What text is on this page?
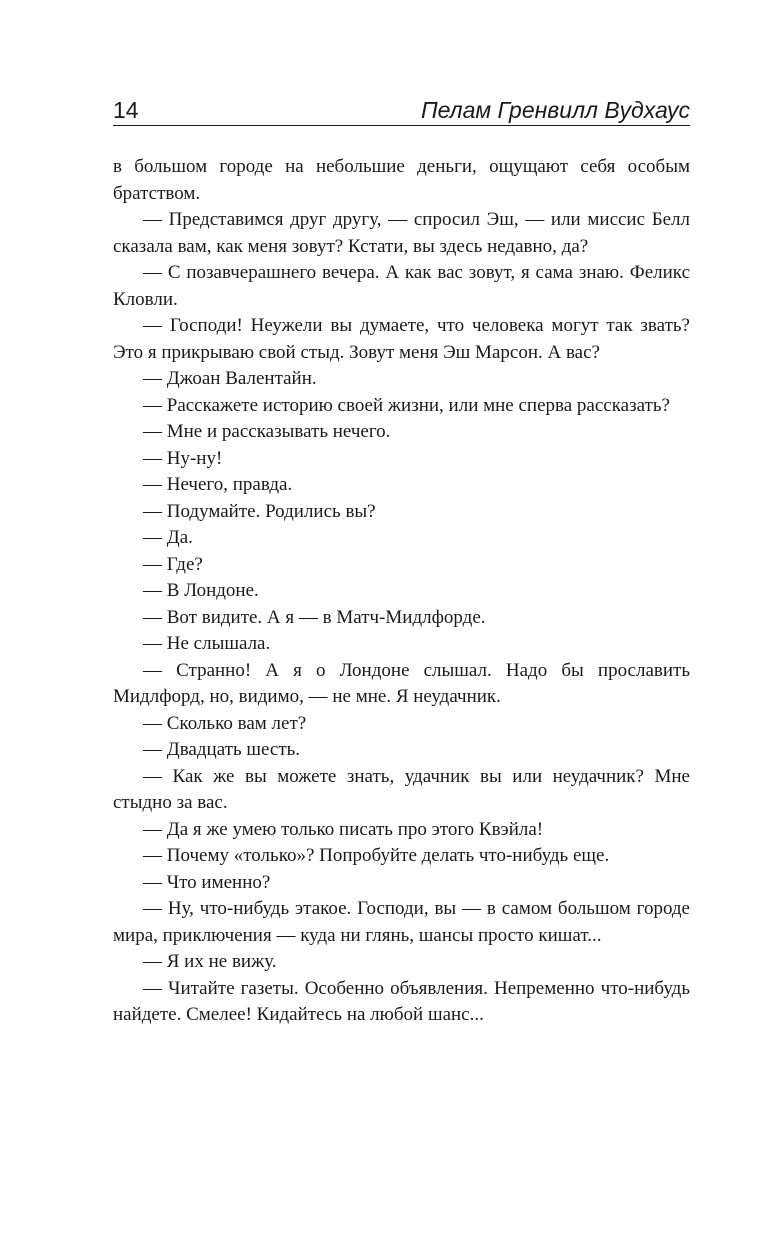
14	Пелам Гренвилл Вудхаус

в большом городе на небольшие деньги, ощущают себя особым братством.

— Представимся друг другу, — спросил Эш, — или миссис Белл сказала вам, как меня зовут? Кстати, вы здесь недавно, да?

— С позавчерашнего вечера. А как вас зовут, я сама знаю. Феликс Кловли.

— Господи! Неужели вы думаете, что человека могут так звать? Это я прикрываю свой стыд. Зовут меня Эш Марсон. А вас?

— Джоан Валентайн.

— Расскажете историю своей жизни, или мне сперва рассказать?

— Мне и рассказывать нечего.

— Ну-ну!

— Нечего, правда.

— Подумайте. Родились вы?

— Да.

— Где?

— В Лондоне.

— Вот видите. А я — в Матч-Мидлфорде.

— Не слышала.

— Странно! А я о Лондоне слышал. Надо бы прославить Мидлфорд, но, видимо, — не мне. Я неудачник.

— Сколько вам лет?

— Двадцать шесть.

— Как же вы можете знать, удачник вы или неудачник? Мне стыдно за вас.

— Да я же умею только писать про этого Квэйла!

— Почему «только»? Попробуйте делать что-нибудь еще.

— Что именно?

— Ну, что-нибудь этакое. Господи, вы — в самом большом городе мира, приключения — куда ни глянь, шансы просто кишат...

— Я их не вижу.

— Читайте газеты. Особенно объявления. Непременно что-нибудь найдете. Смелее! Кидайтесь на любой шанс...
